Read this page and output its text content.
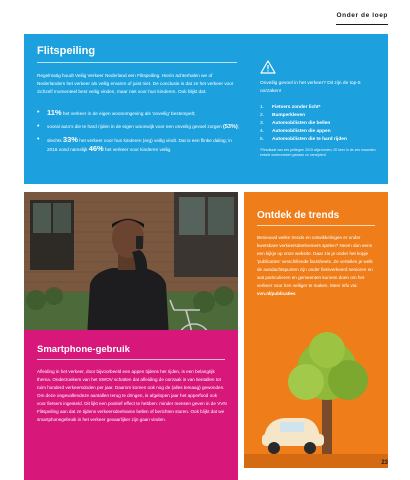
Onder de loep
Flitspeiling

Regelmatig houdt Veilig Verkeer Nederland een Flitspeiling. Hierin achterhalen we of Nederlanders het verkeer als veilig ervaren of juist niet. De conclusie is dat ze het verkeer voor zichzelf momenteel best veilig vinden, maar niet voor hun kinderen. Ook blijkt dat:

• 11% het verkeer in de eigen woonomgeving als 'onveilig' bestempelt;
• vooral auto's die te hard rijden in de eigen woonwijk voor een onveilig gevoel zorgen (53%);
• slechts 33% het verkeer voor hun kinderen (erg) veilig vindt. Dat is een flinke daling; in 2016 vond namelijk 46% het verkeer voor kinderen veilig.

Onveilig gevoel in het verkeer? Dit zijn de top-5 oorzaken!

1.	Fietsers zonder licht*
2.	Bumperkleven
3.	Automobilisten die bellen
4.	Automobilisten die appen
5.	Automobilisten die te hard rijden

*Resultaat van zes peilingen 2019 afgenomen, 00 keer in de zes maanden enkele onderzoeken gedaan zo verwijderd

Smartphone-gebruik

Afleiding in het verkeer, door bijvoorbeeld een appen tijdens het rijden, is een belangrijk thema. Onderzoekers van het SWOV schatten dat afleiding de oorzaak is van tientallen tot ruim honderd verkeersdoden per jaar. Daarom komen ook nog de (alles temaag) gewonden. Om deze ongevallendeze aantallen terug te dringen, is afgelopen jaar het apperfood ook voor fietsers ingesteld. Dit lijkt een positief effect te hebben: minder mensen geven in de VVN Flitspeiling aan dat ze tijdens verkeersdeelname bellen of berichten sturen. Ook blijkt dat we smartphonegebruik in het verkeer gevaarlijker zijn gaan vinden.

Ontdek de trends

Benieuwd welke trends en ontwikkelingen er onder kwetsbare verkeersdeelnemers spelen? Neem dan eens een kijkje op onze website. Daar zie je onder het kopje 'publicaties' verschillende factsheets. Ze vertellen je welk de aandachtspunten zijn onder fietsverkeerd senioren en wat particulieren en gemeenten kunnen doen om het verkeer voor hen veiliger te maken. Meer info via: vvn.nl/publicaties

23
